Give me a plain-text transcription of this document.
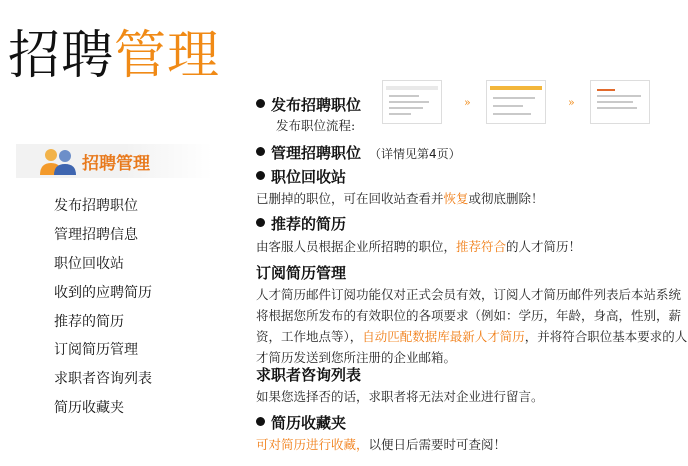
招聘管理
招聘管理
发布招聘职位
管理招聘信息
职位回收站
收到的应聘简历
推荐的简历
订阅简历管理
求职者咨询列表
简历收藏夹
发布招聘职位
发布职位流程:
»	»
管理招聘职位 （详情见第4页）
职位回收站
已删掉的职位，可在回收站查看并恢复或彻底删除！
推荐的简历
由客服人员根据企业所招聘的职位，推荐符合的人才简历！
订阅简历管理
人才简历邮件订阅功能仅对正式会员有效，订阅人才简历邮件列表后本站系统将根据您所发布的有效职位的各项要求（例如：学历，年龄，身高，性别，薪资，工作地点等），自动匹配数据库最新人才简历，并将符合职位基本要求的人才简历发送到您所注册的企业邮箱。
求职者咨询列表
如果您选择否的话，求职者将无法对企业进行留言。
简历收藏夹
可对简历进行收藏，以便日后需要时可查阅！
